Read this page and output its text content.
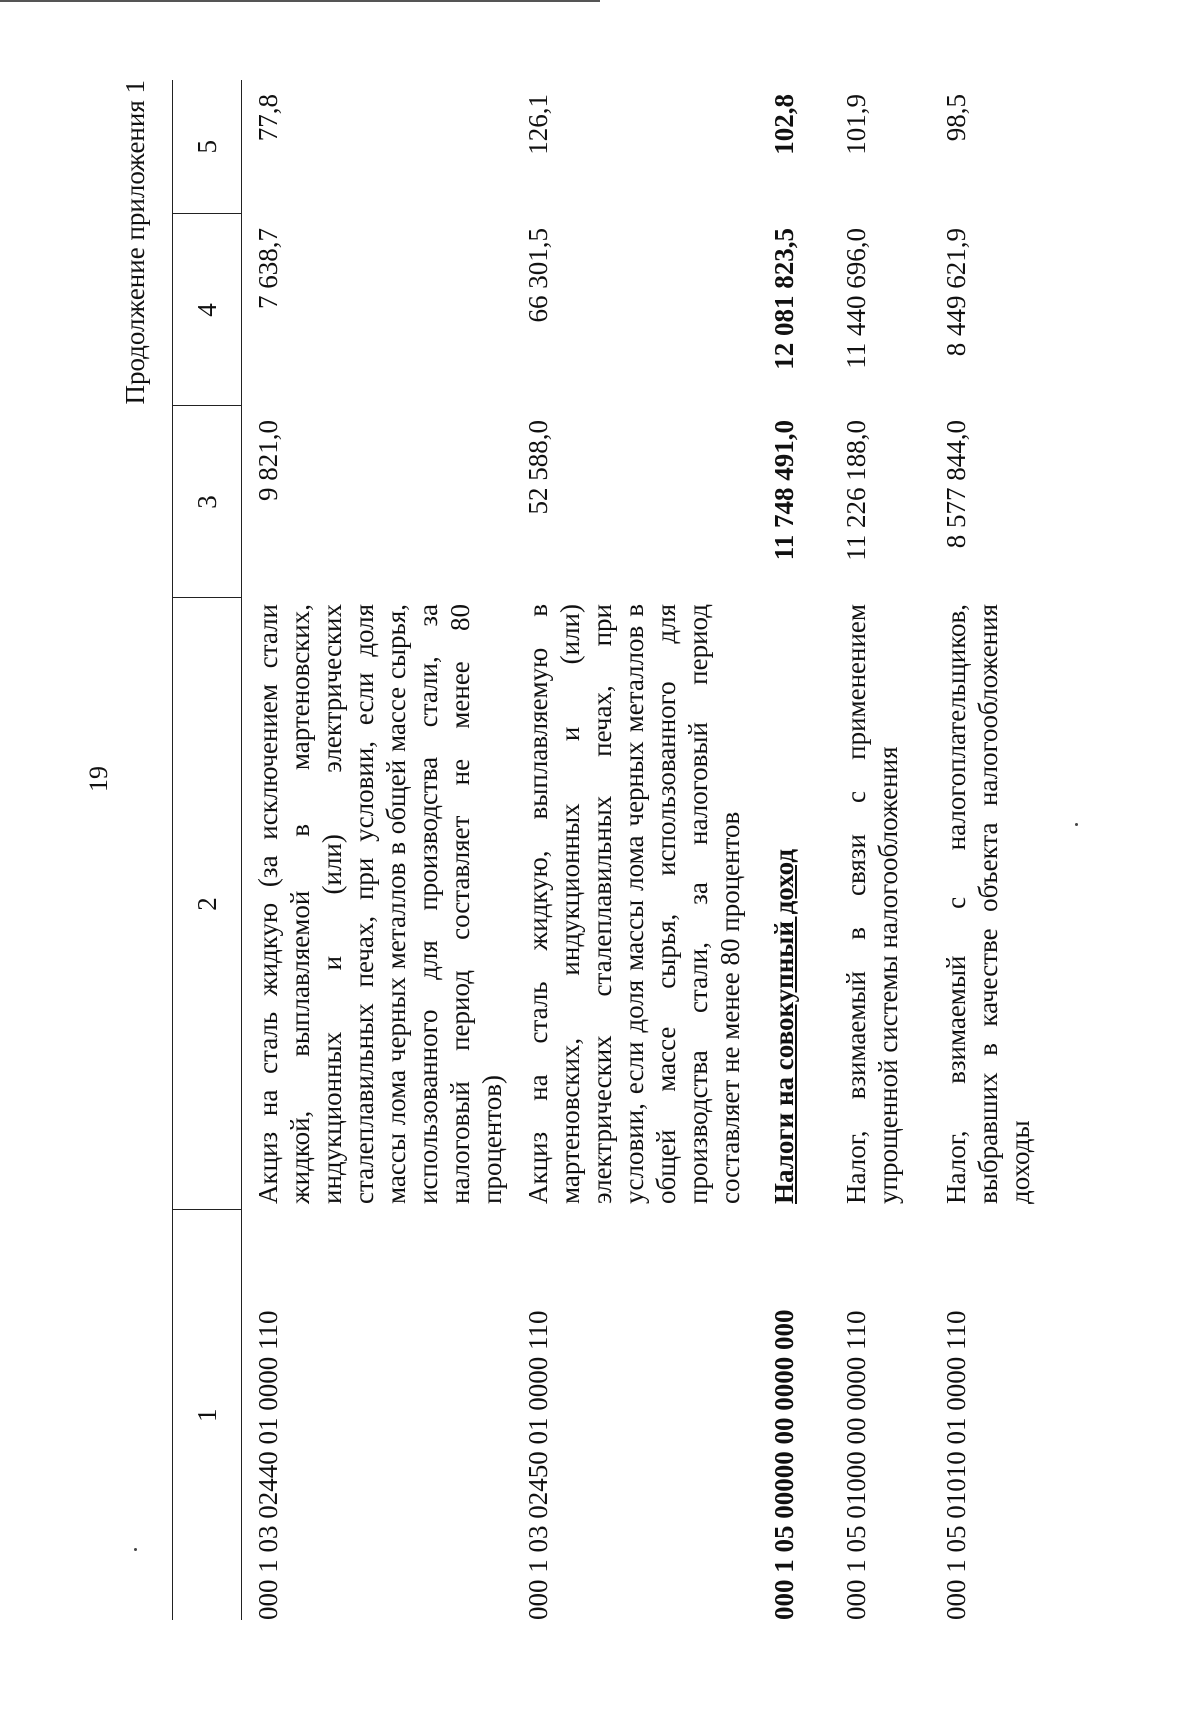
19
Продолжение приложения 1
1	2	3	4	5
000 1 03 02440 01 0000 110	Акциз на сталь жидкую (за исключением стали жидкой, выплавляемой в мартеновских, индукционных и (или) электрических сталеплавильных печах, при условии, если доля массы лома черных металлов в общей массе сырья, использованного для производства стали, за налоговый период составляет не менее 80 процентов)	9 821,0	7 638,7	77,8
000 1 03 02450 01 0000 110	Акциз на сталь жидкую, выплавляемую в мартеновских, индукционных и (или) электрических сталеплавильных печах, при условии, если доля массы лома черных металлов в общей массе сырья, использованного для производства стали, за налоговый период составляет не менее 80 процентов	52 588,0	66 301,5	126,1
000 1 05 00000 00 0000 000	Налоги на совокупный доход	11 748 491,0	12 081 823,5	102,8
000 1 05 01000 00 0000 110	Налог, взимаемый в связи с применением упрощенной системы налогообложения	11 226 188,0	11 440 696,0	101,9
000 1 05 01010 01 0000 110	Налог, взимаемый с налогоплательщиков, выбравших в качестве объекта налогообложения доходы	8 577 844,0	8 449 621,9	98,5
